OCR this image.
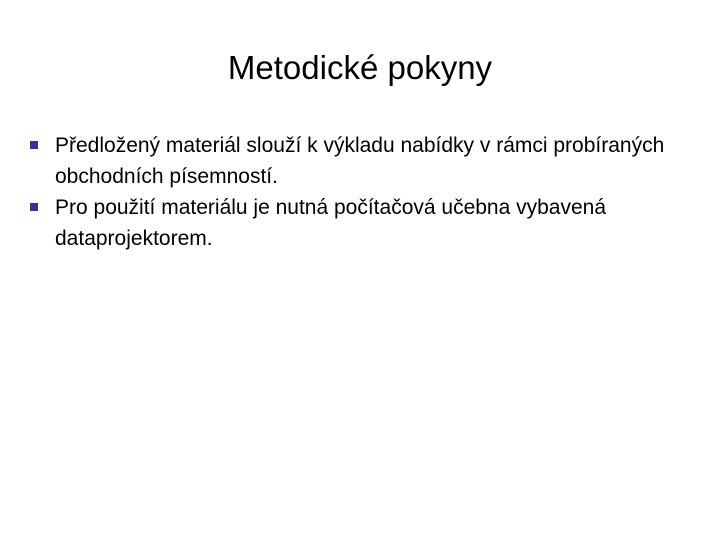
Metodické pokyny
Předložený materiál slouží k výkladu nabídky v rámci probíraných obchodních písemností.
Pro použití materiálu je nutná počítačová učebna vybavená dataprojektorem.
